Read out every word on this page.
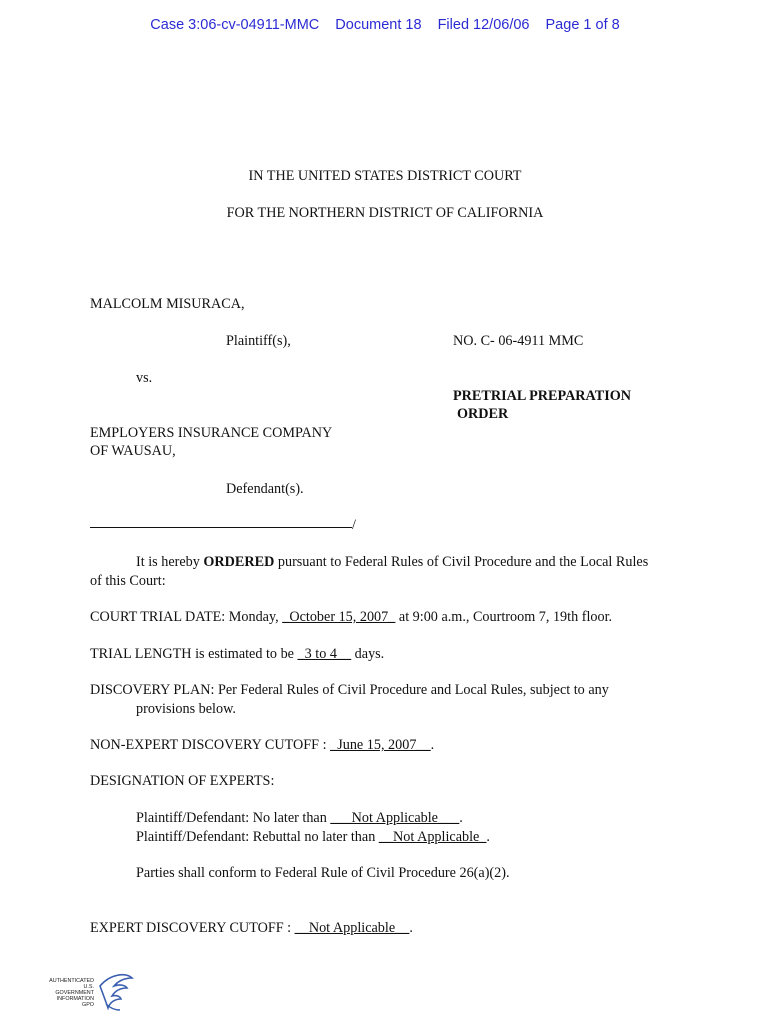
Case 3:06-cv-04911-MMC Document 18 Filed 12/06/06 Page 1 of 8
IN THE UNITED STATES DISTRICT COURT
FOR THE NORTHERN DISTRICT OF CALIFORNIA
MALCOLM MISURACA,
Plaintiff(s),	NO. C- 06-4911 MMC
vs.
PRETRIAL PREPARATION
ORDER
EMPLOYERS INSURANCE COMPANY
OF WAUSAU,
Defendant(s).
/
It is hereby ORDERED pursuant to Federal Rules of Civil Procedure and the Local Rules
of this Court:
COURT TRIAL DATE: Monday, _October 15, 2007_ at 9:00 a.m., Courtroom 7, 19th floor.
TRIAL LENGTH is estimated to be _3 to 4__ days.
DISCOVERY PLAN: Per Federal Rules of Civil Procedure and Local Rules, subject to any
provisions below.
NON-EXPERT DISCOVERY CUTOFF : _June 15, 2007__.
DESIGNATION OF EXPERTS:
Plaintiff/Defendant: No later than ___Not Applicable___.
Plaintiff/Defendant: Rebuttal no later than __Not Applicable_.
Parties shall conform to Federal Rule of Civil Procedure 26(a)(2).
EXPERT DISCOVERY CUTOFF : __Not Applicable__.
AUTHENTICATED
U.S. GOVERNMENT
INFORMATION
GPO
